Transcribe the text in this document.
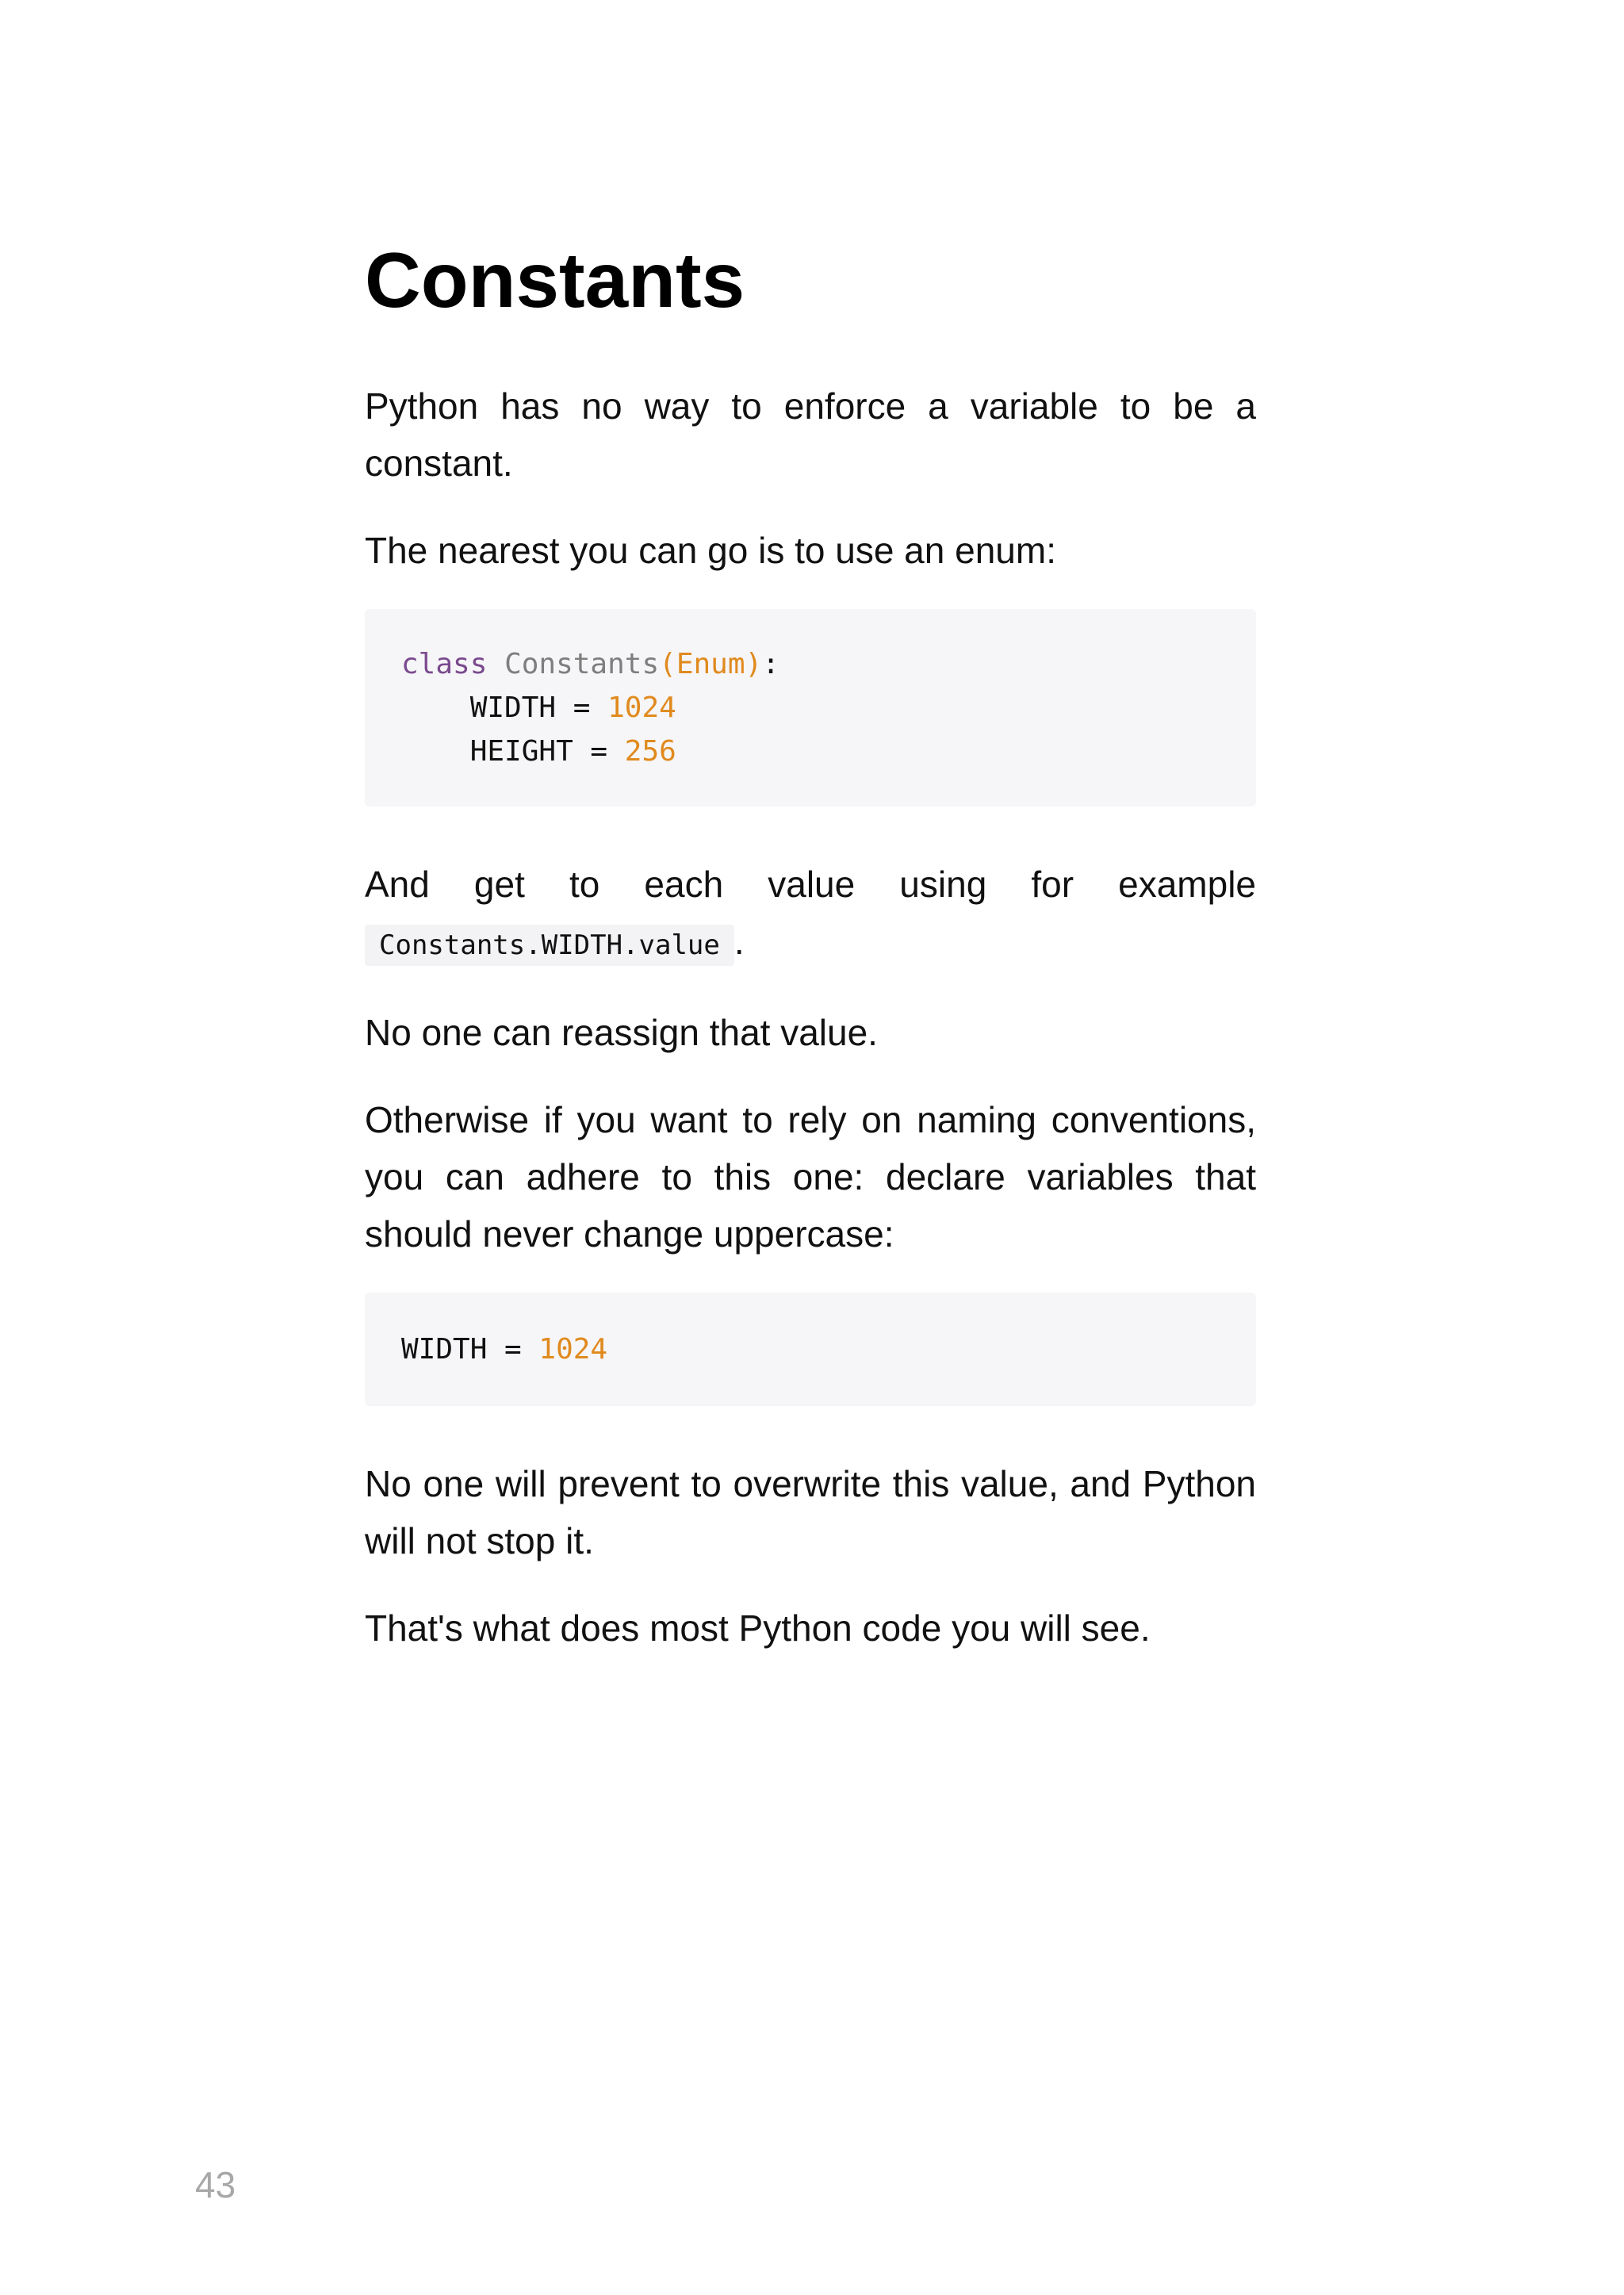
Constants

Python has no way to enforce a variable to be a constant.

The nearest you can go is to use an enum:

class Constants(Enum):
WIDTH = 1024
HEIGHT = 256

And get to each value using for example Constants.WIDTH.value .

No one can reassign that value.

Otherwise if you want to rely on naming conventions, you can adhere to this one: declare variables that should never change uppercase:

WIDTH = 1024

No one will prevent to overwrite this value, and Python will not stop it.

That's what does most Python code you will see.

43
